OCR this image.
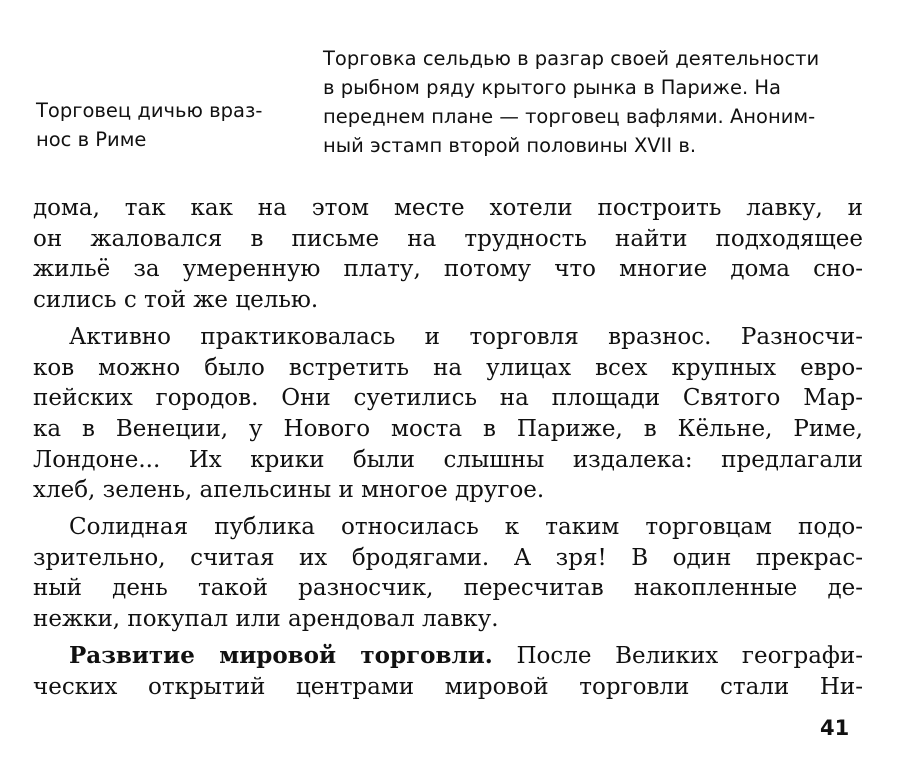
Торговец дичью враз-
нос в Риме
Торговка сельдью в разгар своей деятельности
в рыбном ряду крытого рынка в Париже. На
переднем плане — торговец вафлями. Аноним-
ный эстамп второй половины XVII в.
дома, так как на этом месте хотели построить лавку, и
он жаловался в письме на трудность найти подходящее
жильё за умеренную плату, потому что многие дома сно-
сились с той же целью.
Активно практиковалась и торговля вразнос. Разносчи-
ков можно было встретить на улицах всех крупных евро-
пейских городов. Они суетились на площади Святого Мар-
ка в Венеции, у Нового моста в Париже, в Кёльне, Риме,
Лондоне... Их крики были слышны издалека: предлагали
хлеб, зелень, апельсины и многое другое.
Солидная публика относилась к таким торговцам подо-
зрительно, считая их бродягами. А зря! В один прекрас-
ный день такой разносчик, пересчитав накопленные де-
нежки, покупал или арендовал лавку.
Развитие мировой торговли. После Великих географи-
ческих открытий центрами мировой торговли стали Ни-
41
